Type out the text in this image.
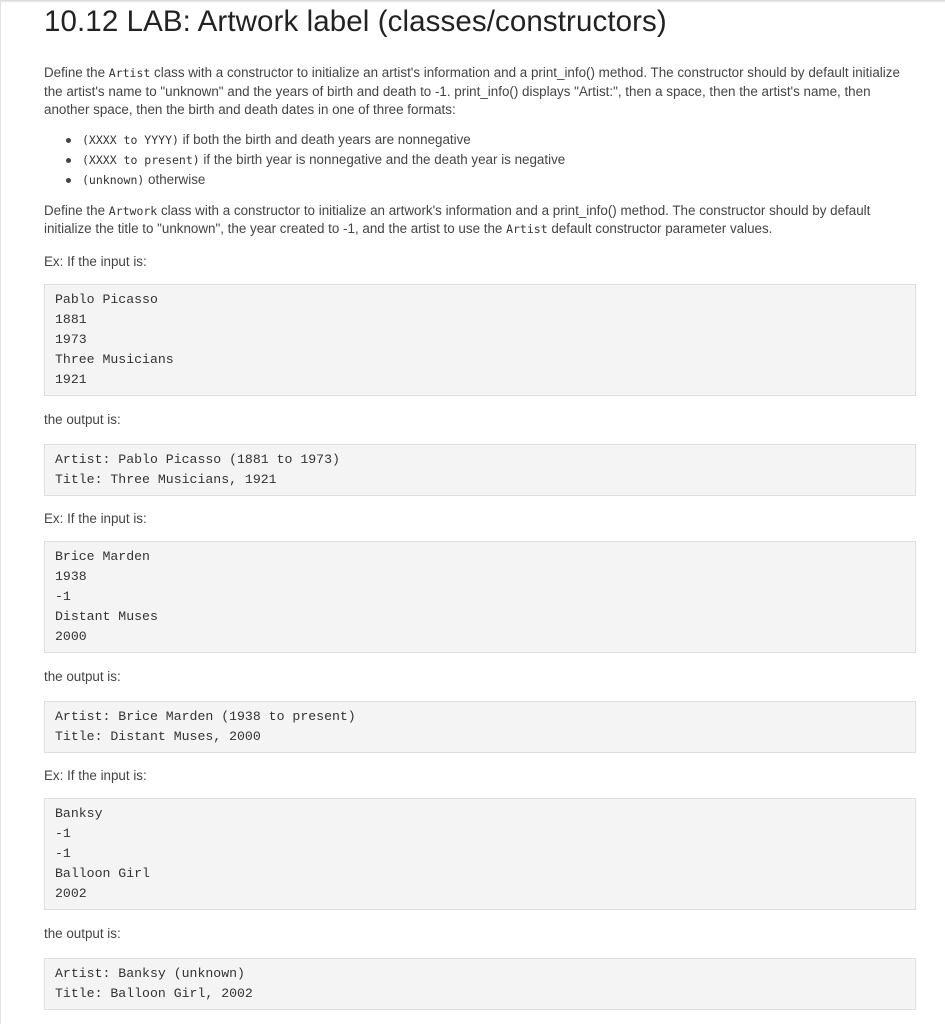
10.12 LAB: Artwork label (classes/constructors)

Define the Artist class with a constructor to initialize an artist's information and a print_info() method. The constructor should by default initialize the artist's name to "unknown" and the years of birth and death to -1. print_info() displays "Artist:", then a space, then the artist's name, then another space, then the birth and death dates in one of three formats:

(XXXX to YYYY) if both the birth and death years are nonnegative
(XXXX to present) if the birth year is nonnegative and the death year is negative
(unknown) otherwise

Define the Artwork class with a constructor to initialize an artwork's information and a print_info() method. The constructor should by default initialize the title to "unknown", the year created to -1, and the artist to use the Artist default constructor parameter values.

Ex: If the input is:
Pablo Picasso
1881
1973
Three Musicians
1921
the output is:
Artist: Pablo Picasso (1881 to 1973)
Title: Three Musicians, 1921
Ex: If the input is:
Brice Marden
1938
-1
Distant Muses
2000
the output is:
Artist: Brice Marden (1938 to present)
Title: Distant Muses, 2000
Ex: If the input is:
Banksy
-1
-1
Balloon Girl
2002
the output is:
Artist: Banksy (unknown)
Title: Balloon Girl, 2002
